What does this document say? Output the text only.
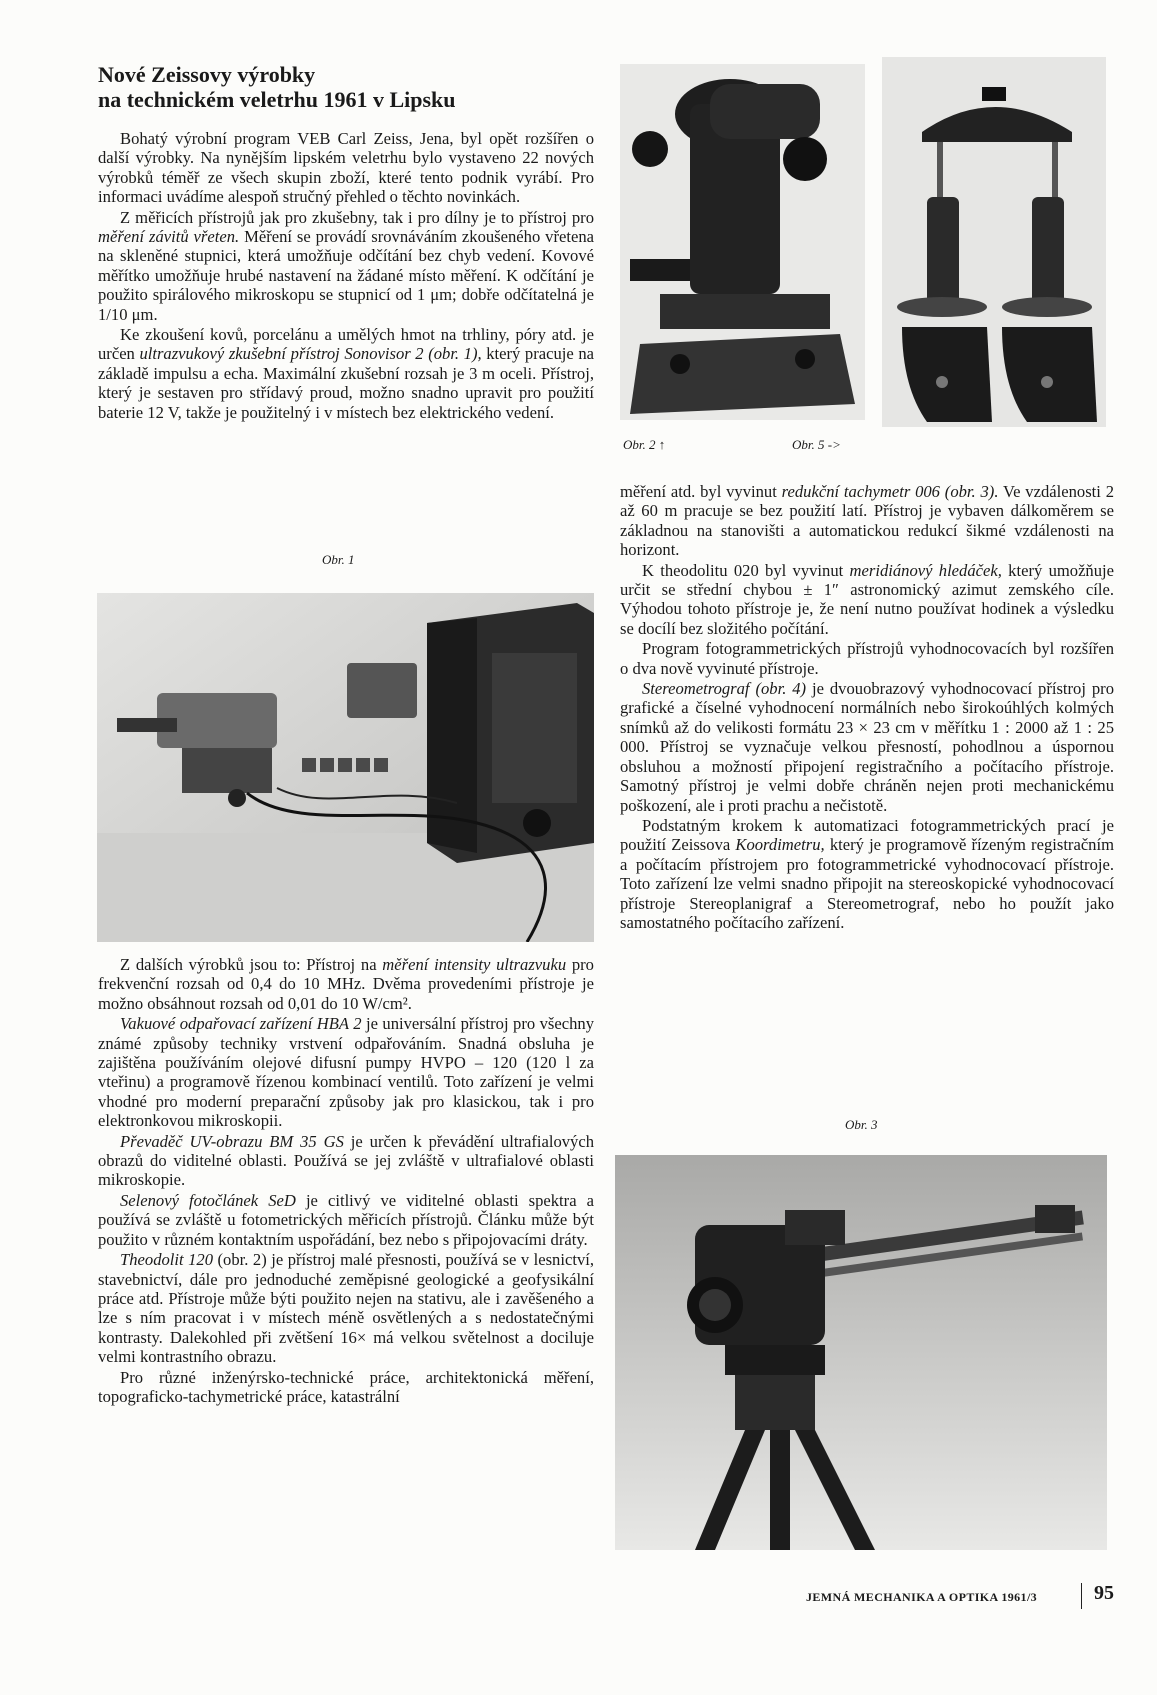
Nové Zeissovy výrobky
na technickém veletrhu 1961 v Lipsku

Bohatý výrobní program VEB Carl Zeiss, Jena, byl opět rozšířen o další výrobky. Na nynějším lipském veletrhu bylo vystaveno 22 nových výrobků téměř ze všech skupin zboží, které tento podnik vyrábí. Pro informaci uvádíme alespoň stručný přehled o těchto novinkách.

Z měřicích přístrojů jak pro zkušebny, tak i pro dílny je to přístroj pro měření závitů vřeten. Měření se provádí srovnáváním zkoušeného vřetena na skleněné stupnici, která umožňuje odčítání bez chyb vedení. Kovové měřítko umožňuje hrubé nastavení na žádané místo měření. K odčítání je použito spirálového mikroskopu se stupnicí od 1 μm; dobře odčítatelná je 1/10 μm.

Ke zkoušení kovů, porcelánu a umělých hmot na trhliny, póry atd. je určen ultrazvukový zkušební přístroj Sonovisor 2 (obr. 1), který pracuje na základě impulsu a echa. Maximální zkušební rozsah je 3 m oceli. Přístroj, který je sestaven pro střídavý proud, možno snadno upravit pro použití baterie 12 V, takže je použitelný i v místech bez elektrického vedení.

Obr. 1

Z dalších výrobků jsou to: Přístroj na měření intensity ultrazvuku pro frekvenční rozsah od 0,4 do 10 MHz. Dvěma provedeními přístroje je možno obsáhnout rozsah od 0,01 do 10 W/cm².

Vakuové odpařovací zařízení HBA 2 je universální přístroj pro všechny známé způsoby techniky vrstvení odpařováním. Snadná obsluha je zajištěna používáním olejové difusní pumpy HVPO – 120 (120 l za vteřinu) a programově řízenou kombinací ventilů. Toto zařízení je velmi vhodné pro moderní preparační způsoby jak pro klasickou, tak i pro elektronkovou mikroskopii.

Převaděč UV-obrazu BM 35 GS je určen k převádění ultrafialových obrazů do viditelné oblasti. Používá se jej zvláště v ultrafialové oblasti mikroskopie.

Selenový fotočlánek SeD je citlivý ve viditelné oblasti spektra a používá se zvláště u fotometrických měřicích přístrojů. Článku může být použito v různém kontaktním uspořádání, bez nebo s připojovacími dráty.

Theodolit 120 (obr. 2) je přístroj malé přesnosti, používá se v lesnictví, stavebnictví, dále pro jednoduché zeměpisné geologické a geofysikální práce atd. Přístroje může býti použito nejen na stativu, ale i zavěšeného a lze s ním pracovat i v místech méně osvětlených a s nedostatečnými kontrasty. Dalekohled při zvětšení 16× má velkou světelnost a dociluje velmi kontrastního obrazu.

Pro různé inženýrsko-technické práce, architektonická měření, topograficko-tachymetrické práce, katastrální

Obr. 2 ↑	Obr. 5 ->

měření atd. byl vyvinut redukční tachymetr 006 (obr. 3). Ve vzdálenosti 2 až 60 m pracuje se bez použití latí. Přístroj je vybaven dálkoměrem se základnou na stanovišti a automatickou redukcí šikmé vzdálenosti na horizont.

K theodolitu 020 byl vyvinut meridiánový hledáček, který umožňuje určit se střední chybou ± 1″ astronomický azimut zemského cíle. Výhodou tohoto přístroje je, že není nutno používat hodinek a výsledku se docílí bez složitého počítání.

Program fotogrammetrických přístrojů vyhodnocovacích byl rozšířen o dva nově vyvinuté přístroje.

Stereometrograf (obr. 4) je dvouobrazový vyhodnocovací přístroj pro grafické a číselné vyhodnocení normálních nebo širokoúhlých kolmých snímků až do velikosti formátu 23 × 23 cm v měřítku 1 : 2000 až 1 : 25 000. Přístroj se vyznačuje velkou přesností, pohodlnou a úspornou obsluhou a možností připojení registračního a počítacího přístroje. Samotný přístroj je velmi dobře chráněn nejen proti mechanickému poškození, ale i proti prachu a nečistotě.

Podstatným krokem k automatizaci fotogrammetrických prací je použití Zeissova Koordimetru, který je programově řízeným registračním a počítacím přístrojem pro fotogrammetrické vyhodnocovací přístroje. Toto zařízení lze velmi snadno připojit na stereoskopické vyhodnocovací přístroje Stereoplanigraf a Stereometrograf, nebo ho použít jako samostatného počítacího zařízení.

Obr. 3
JEMNÁ MECHANIKA A OPTIKA 1961/3	95
